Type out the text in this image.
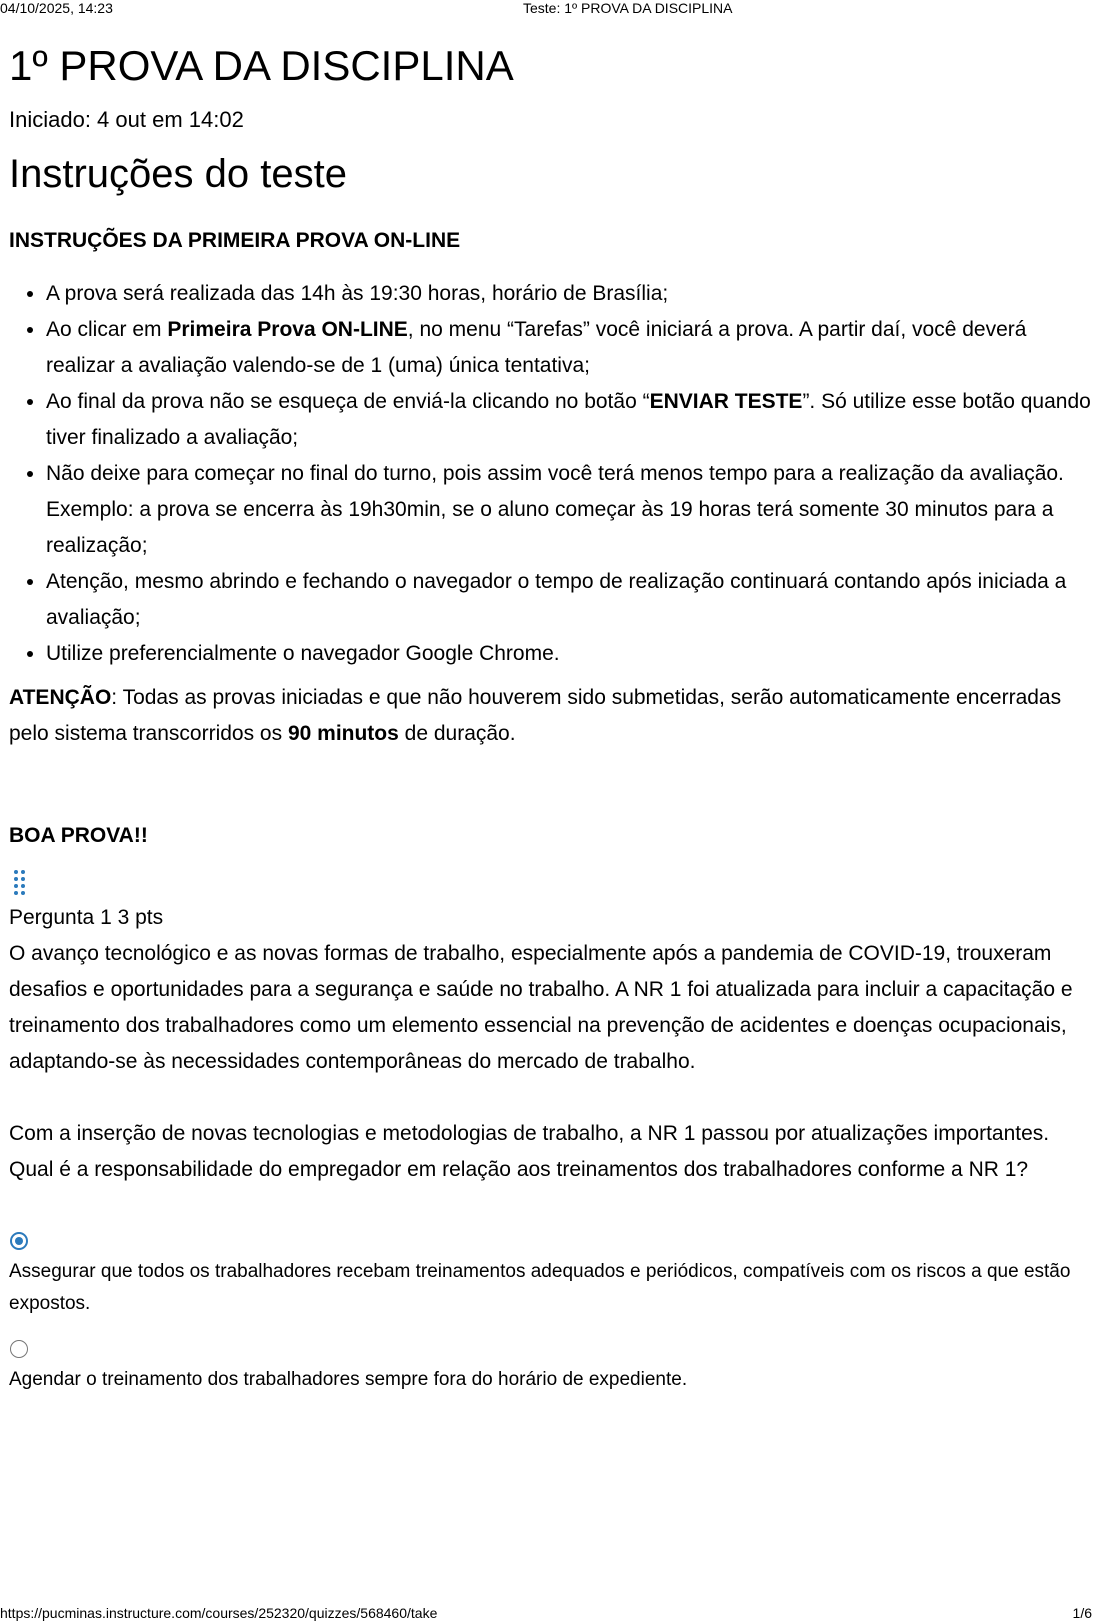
04/10/2025, 14:23	Teste: 1º PROVA DA DISCIPLINA
1º PROVA DA DISCIPLINA
Iniciado: 4 out em 14:02
Instruções do teste
INSTRUÇÕES DA PRIMEIRA PROVA ON-LINE
• A prova será realizada das 14h às 19:30 horas, horário de Brasília;
• Ao clicar em Primeira Prova ON-LINE, no menu “Tarefas” você iniciará a prova. A partir daí, você deverá realizar a avaliação valendo-se de 1 (uma) única tentativa;
• Ao final da prova não se esqueça de enviá-la clicando no botão “ENVIAR TESTE”. Só utilize esse botão quando tiver finalizado a avaliação;
• Não deixe para começar no final do turno, pois assim você terá menos tempo para a realização da avaliação. Exemplo: a prova se encerra às 19h30min, se o aluno começar às 19 horas terá somente 30 minutos para a realização;
• Atenção, mesmo abrindo e fechando o navegador o tempo de realização continuará contando após iniciada a avaliação;
• Utilize preferencialmente o navegador Google Chrome.
ATENÇÃO: Todas as provas iniciadas e que não houverem sido submetidas, serão automaticamente encerradas pelo sistema transcorridos os 90 minutos de duração.
BOA PROVA!!
Pergunta 1 3 pts

O avanço tecnológico e as novas formas de trabalho, especialmente após a pandemia de COVID-19, trouxeram desafios e oportunidades para a segurança e saúde no trabalho. A NR 1 foi atualizada para incluir a capacitação e treinamento dos trabalhadores como um elemento essencial na prevenção de acidentes e doenças ocupacionais, adaptando-se às necessidades contemporâneas do mercado de trabalho.

Com a inserção de novas tecnologias e metodologias de trabalho, a NR 1 passou por atualizações importantes. Qual é a responsabilidade do empregador em relação aos treinamentos dos trabalhadores conforme a NR 1?

Assegurar que todos os trabalhadores recebam treinamentos adequados e periódicos, compatíveis com os riscos a que estão expostos.
Agendar o treinamento dos trabalhadores sempre fora do horário de expediente.
https://pucminas.instructure.com/courses/252320/quizzes/568460/take	1/6
